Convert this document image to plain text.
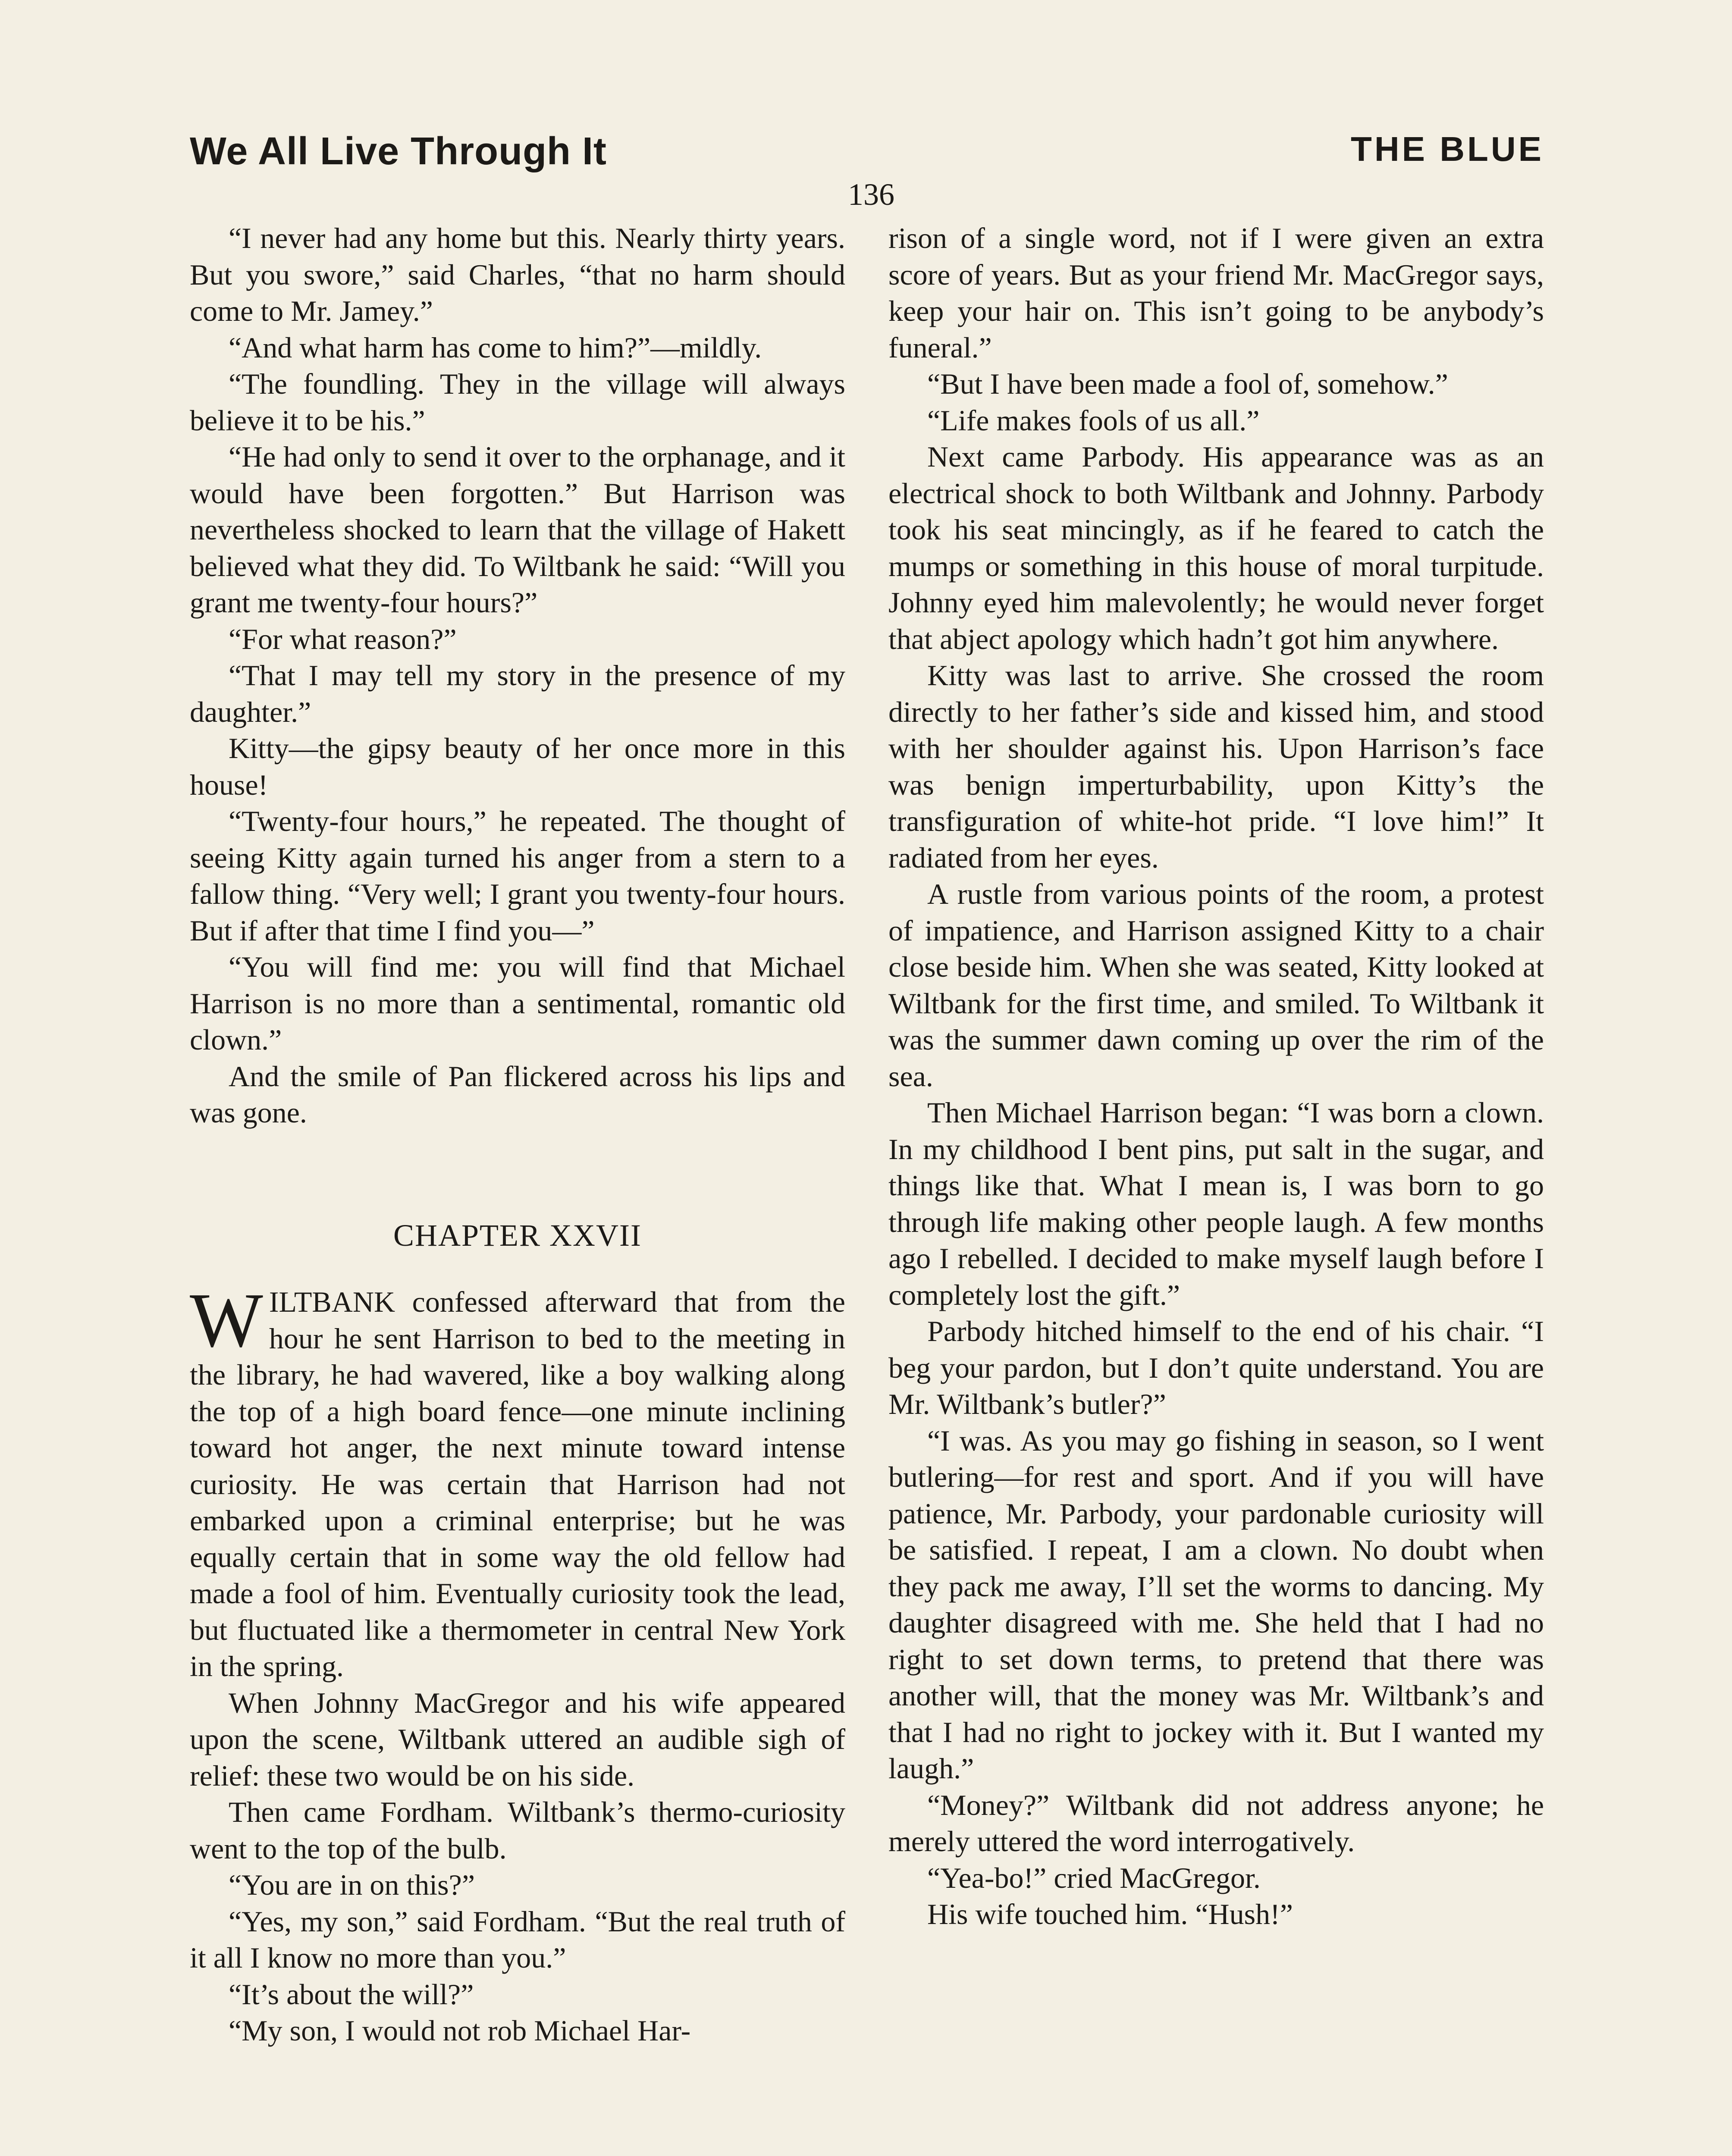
We All Live Through It	THE BLUE
136

“I never had any home but this. Nearly thirty years. But you swore,” said Charles, “that no harm should come to Mr. Jamey.”

“And what harm has come to him?”—mildly.

“The foundling. They in the village will always believe it to be his.”

“He had only to send it over to the orphanage, and it would have been forgotten.” But Harrison was nevertheless shocked to learn that the village of Hakett believed what they did. To Wiltbank he said: “Will you grant me twenty-four hours?”

“For what reason?”

“That I may tell my story in the presence of my daughter.”

Kitty—the gipsy beauty of her once more in this house!

“Twenty-four hours,” he repeated. The thought of seeing Kitty again turned his anger from a stern to a fallow thing. “Very well; I grant you twenty-four hours. But if after that time I find you—”

“You will find me: you will find that Michael Harrison is no more than a sentimental, romantic old clown.”

And the smile of Pan flickered across his lips and was gone.

CHAPTER XXVII

WILTBANK confessed afterward that from the hour he sent Harrison to bed to the meeting in the library, he had wavered, like a boy walking along the top of a high board fence—one minute inclining toward hot anger, the next minute toward intense curiosity. He was certain that Harrison had not embarked upon a criminal enterprise; but he was equally certain that in some way the old fellow had made a fool of him. Eventually curiosity took the lead, but fluctuated like a thermometer in central New York in the spring.

When Johnny MacGregor and his wife appeared upon the scene, Wiltbank uttered an audible sigh of relief: these two would be on his side.

Then came Fordham. Wiltbank’s thermo-curiosity went to the top of the bulb.

“You are in on this?”

“Yes, my son,” said Fordham. “But the real truth of it all I know no more than you.”

“It’s about the will?”

“My son, I would not rob Michael Har-

rison of a single word, not if I were given an extra score of years. But as your friend Mr. MacGregor says, keep your hair on. This isn’t going to be anybody’s funeral.”

“But I have been made a fool of, somehow.”

“Life makes fools of us all.”

Next came Parbody. His appearance was as an electrical shock to both Wiltbank and Johnny. Parbody took his seat mincingly, as if he feared to catch the mumps or something in this house of moral turpitude. Johnny eyed him malevolently; he would never forget that abject apology which hadn’t got him anywhere.

Kitty was last to arrive. She crossed the room directly to her father’s side and kissed him, and stood with her shoulder against his. Upon Harrison’s face was benign imperturbability, upon Kitty’s the transfiguration of white-hot pride. “I love him!” It radiated from her eyes.

A rustle from various points of the room, a protest of impatience, and Harrison assigned Kitty to a chair close beside him. When she was seated, Kitty looked at Wiltbank for the first time, and smiled. To Wiltbank it was the summer dawn coming up over the rim of the sea.

Then Michael Harrison began: “I was born a clown. In my childhood I bent pins, put salt in the sugar, and things like that. What I mean is, I was born to go through life making other people laugh. A few months ago I rebelled. I decided to make myself laugh before I completely lost the gift.”

Parbody hitched himself to the end of his chair. “I beg your pardon, but I don’t quite understand. You are Mr. Wiltbank’s butler?”

“I was. As you may go fishing in season, so I went butlering—for rest and sport. And if you will have patience, Mr. Parbody, your pardonable curiosity will be satisfied. I repeat, I am a clown. No doubt when they pack me away, I’ll set the worms to dancing. My daughter disagreed with me. She held that I had no right to set down terms, to pretend that there was another will, that the money was Mr. Wiltbank’s and that I had no right to jockey with it. But I wanted my laugh.”

“Money?” Wiltbank did not address anyone; he merely uttered the word interrogatively.

“Yea-bo!” cried MacGregor.

His wife touched him. “Hush!”
